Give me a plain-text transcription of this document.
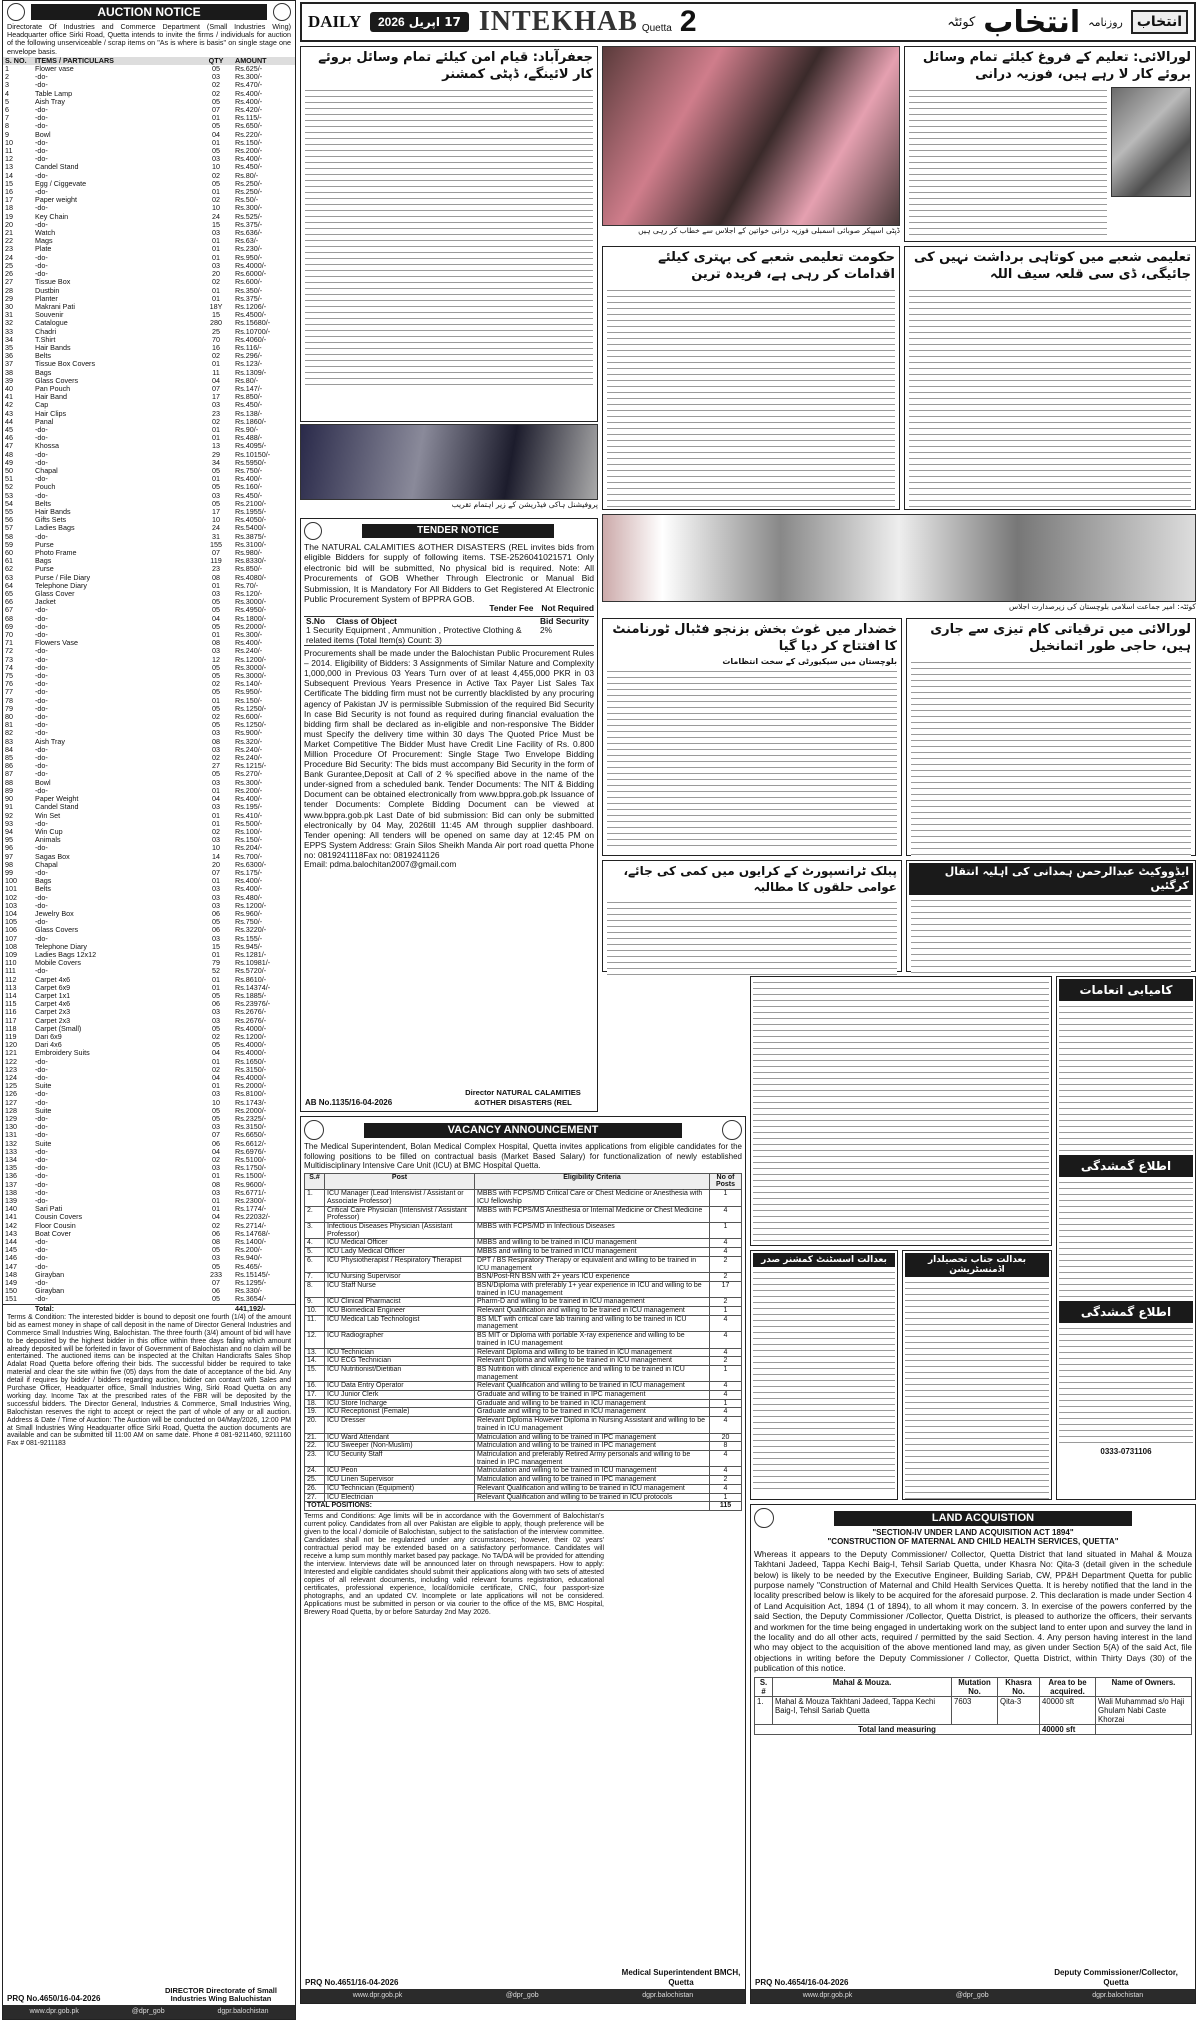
AUCTION NOTICE
Directorate Of Industries and Commerce Department (Small Industries Wing) Headquarter office Sirki Road, Quetta intends to invite the firms / individuals for auction of the following unserviceable / scrap items on "As is where is basis" on single stage one envelope basis.
S. NO.	ITEMS / PARTICULARS	QTY	AMOUNT
1	Flower vase	05	Rs.625/-
2	-do-	03	Rs.300/-
3	-do-	02	Rs.470/-
4	Table Lamp	02	Rs.400/-
5	Aish Tray	05	Rs.400/-
6	-do-	07	Rs.420/-
7	-do-	01	Rs.115/-
8	-do-	05	Rs.650/-
9	Bowl	04	Rs.220/-
10	-do-	01	Rs.150/-
11	-do-	05	Rs.200/-
12	-do-	03	Rs.400/-
13	Candel Stand	10	Rs.450/-
14	-do-	02	Rs.80/-
15	Egg / Ciggevate	05	Rs.250/-
16	-do-	01	Rs.250/-
17	Paper weight	02	Rs.50/-
18	-do-	10	Rs.300/-
19	Key Chain	24	Rs.525/-
20	-do-	15	Rs.375/-
21	Watch	03	Rs.636/-
22	Mags	01	Rs.63/-
23	Plate	01	Rs.230/-
24	-do-	01	Rs.950/-
25	-do-	03	Rs.4000/-
26	-do-	20	Rs.6000/-
27	Tissue Box	02	Rs.600/-
28	Dustbin	01	Rs.350/-
29	Planter	01	Rs.375/-
30	Makrani Pati	18Y	Rs.1206/-
31	Souvenir	15	Rs.4500/-
32	Catalogue	280	Rs.15680/-
33	Chadri	25	Rs.10700/-
34	T.Shirt	70	Rs.4060/-
35	Hair Bands	16	Rs.116/-
36	Belts	02	Rs.296/-
37	Tissue Box Covers	01	Rs.123/-
38	Bags	11	Rs.1309/-
39	Glass Covers	04	Rs.80/-
40	Pan Pouch	07	Rs.147/-
41	Hair Band	17	Rs.850/-
42	Cap	03	Rs.450/-
43	Hair Clips	23	Rs.138/-
44	Panal	02	Rs.1860/-
45	-do-	01	Rs.90/-
46	-do-	01	Rs.488/-
47	Khossa	13	Rs.4095/-
48	-do-	29	Rs.10150/-
49	-do-	34	Rs.5950/-
50	Chapal	05	Rs.750/-
51	-do-	01	Rs.400/-
52	Pouch	05	Rs.160/-
53	-do-	03	Rs.450/-
54	Belts	05	Rs.2100/-
55	Hair Bands	17	Rs.1955/-
56	Gifts Sets	10	Rs.4050/-
57	Ladies Bags	24	Rs.5400/-
58	-do-	31	Rs.3875/-
59	Purse	155	Rs.3100/-
60	Photo Frame	07	Rs.980/-
61	Bags	119	Rs.8330/-
62	Purse	23	Rs.850/-
63	Purse / File Diary	08	Rs.4080/-
64	Telephone Diary	01	Rs.70/-
65	Glass Cover	03	Rs.120/-
66	Jacket	05	Rs.3000/-
67	-do-	05	Rs.4950/-
68	-do-	04	Rs.1800/-
69	-do-	05	Rs.2000/-
70	-do-	01	Rs.300/-
71	Flowers Vase	08	Rs.400/-
72	-do-	03	Rs.240/-
73	-do-	12	Rs.1200/-
74	-do-	05	Rs.3000/-
75	-do-	05	Rs.3000/-
76	-do-	02	Rs.140/-
77	-do-	05	Rs.950/-
78	-do-	01	Rs.150/-
79	-do-	05	Rs.1250/-
80	-do-	02	Rs.600/-
81	-do-	05	Rs.1250/-
82	-do-	03	Rs.900/-
83	Aish Tray	08	Rs.320/-
84	-do-	03	Rs.240/-
85	-do-	02	Rs.240/-
86	-do-	27	Rs.1215/-
87	-do-	05	Rs.270/-
88	Bowl	03	Rs.300/-
89	-do-	01	Rs.200/-
90	Paper Weight	04	Rs.400/-
91	Candel Stand	03	Rs.195/-
92	Win Set	01	Rs.410/-
93	-do-	01	Rs.500/-
94	Win Cup	02	Rs.100/-
95	Animals	03	Rs.150/-
96	-do-	10	Rs.204/-
97	Sagas Box	14	Rs.700/-
98	Chapal	20	Rs.6300/-
99	-do-	07	Rs.175/-
100	Bags	01	Rs.400/-
101	Belts	03	Rs.400/-
102	-do-	03	Rs.480/-
103	-do-	03	Rs.1200/-
104	Jewelry Box	06	Rs.960/-
105	-do-	05	Rs.750/-
106	Glass Covers	06	Rs.3220/-
107	-do-	03	Rs.155/-
108	Telephone Diary	15	Rs.945/-
109	Ladies Bags 12x12	01	Rs.1281/-
110	Mobile Covers	79	Rs.10981/-
111	-do-	52	Rs.5720/-
112	Carpet 4x6	01	Rs.8610/-
113	Carpet 6x9	01	Rs.14374/-
114	Carpet 1x1	05	Rs.1885/-
115	Carpet 4x6	06	Rs.23976/-
116	Carpet 2x3	03	Rs.2676/-
117	Carpet 2x3	03	Rs.2676/-
118	Carpet (Small)	05	Rs.4000/-
119	Dari 6x9	02	Rs.1200/-
120	Dari 4x6	05	Rs.4000/-
121	Embroidery Suits	04	Rs.4000/-
122	-do-	01	Rs.1650/-
123	-do-	02	Rs.3150/-
124	-do-	04	Rs.4000/-
125	Suite	01	Rs.2000/-
126	-do-	03	Rs.8100/-
127	-do-	10	Rs.1743/-
128	Suite	05	Rs.2000/-
129	-do-	05	Rs.2325/-
130	-do-	03	Rs.3150/-
131	-do-	07	Rs.6650/-
132	Suite	06	Rs.6612/-
133	-do-	04	Rs.6976/-
134	-do-	02	Rs.5100/-
135	-do-	03	Rs.1750/-
136	-do-	01	Rs.1500/-
137	-do-	08	Rs.9600/-
138	-do-	03	Rs.6771/-
139	-do-	01	Rs.2300/-
140	Sari Pati	01	Rs.1774/-
141	Cousin Covers	04	Rs.22032/-
142	Floor Cousin	02	Rs.2714/-
143	Boat Cover	06	Rs.14768/-
144	-do-	08	Rs.1400/-
145	-do-	05	Rs.200/-
146	-do-	03	Rs.940/-
147	-do-	05	Rs.465/-
148	Girayban	233	Rs.15145/-
149	-do-	07	Rs.1295/-
150	Girayban	06	Rs.330/-
151	-do-	05	Rs.3654/-
	Total:		441,192/-
Terms & Condition: The interested bidder is bound to deposit one fourth (1/4) of the amount bid as earnest money in shape of call deposit in the name of Director General Industries and Commerce Small Industries Wing, Balochistan. The three fourth (3/4) amount of bid will have to be deposited by the highest bidder in this office within three days failing which amount already deposited will be forfeited in favor of Government of Balochistan and no claim will be entertained. The auctioned items can be inspected at the Chiltan Handicrafts Sales Shop Adalat Road Quetta before offering their bids. The successful bidder be required to take material and clear the site within five (05) days from the date of acceptance of the bid. Any detail if requires by bidder / bidders regarding auction, bidder can contact with Sales and Purchase Officer, Headquarter office, Small Industries Wing, Sirki Road Quetta on any working day. Income Tax at the prescribed rates of the FBR will be deposited by the successful bidders. The Director General, Industries & Commerce, Small Industries Wing, Balochistan reserves the right to accept or reject the part of whole of any or all auction. Address & Date / Time of Auction: The Auction will be conducted on 04/May/2026, 12:00 PM at Small Industries Wing Headquarter office Sirki Road, Quetta the auction documents are available and can be submitted till 11:00 AM on same date. Phone # 081-9211460, 9211160 Fax # 081-9211183
PRQ No.4650/16-04-2026
DIRECTOR Directorate of Small Industries Wing Baluchistan
www.dpr.gob.pk	@dpr_gob	dgpr.balochistan
DAILY	2026 17 اپریل INTEKHAB Quetta 2	کوئٹہ انتخاب روزنامہ	انتخاب
جعفرآباد: قیام امن کیلئے تمام وسائل بروئے کار لائینگے، ڈپٹی کمشنر
ڈپٹی اسپیکر صوبائی اسمبلی فوزیہ درانی خواتین کے اجلاس سے خطاب کر رہی ہیں
لورالائی: تعلیم کے فروغ کیلئے تمام وسائل بروئے کار لا رہے ہیں، فوزیہ درانی
حکومت تعلیمی شعبے کی بہتری کیلئے اقدامات کر رہی ہے، فریدہ ترین
تعلیمی شعبے میں کوتاہی برداشت نہیں کی جائیگی، ڈی سی قلعہ سیف اللہ
پروفیشنل ہاکی فیڈریشن کے زیر اہتمام تقریب
کوئٹہ: امیر جماعت اسلامی بلوچستان کی زیرصدارت اجلاس
خضدار میں غوث بخش بزنجو فٹبال ٹورنامنٹ کا افتتاح کر دیا گیا
بلوچستان میں سیکیورٹی کے سخت انتظامات
لورالائی میں ترقیاتی کام تیزی سے جاری ہیں، حاجی طور اتمانخیل
پبلک ٹرانسپورٹ کے کرایوں میں کمی کی جائے، عوامی حلقوں کا مطالبہ
ایڈووکیٹ عبدالرحمن ہمدانی کی اہلیہ انتقال کرگئیں
TENDER NOTICE
The NATURAL CALAMITIES &OTHER DISASTERS (REL invites bids from eligible Bidders for supply of following items. TSE-2526041021571 Only electronic bid will be submitted, No physical bid is required. Note: All Procurements of GOB Whether Through Electronic or Manual Bid Submission, It is Mandatory For All Bidders to Get Registered At Electronic Public Procurement System of BPPRA GOB.
Tender Fee Not Required
S.No	Class of Object	Bid Security
1 Security Equipment , Ammunition , Protective Clothing & related items (Total Item(s) Count: 3)		2%
Procurements shall be made under the Balochistan Public Procurement Rules – 2014. Eligibility of Bidders: 3 Assignments of Similar Nature and Complexity 1,000,000 in Previous 03 Years Turn over of at least 4,455,000 PKR in 03 Subsequent Previous Years Presence in Active Tax Payer List Sales Tax Certificate The bidding firm must not be currently blacklisted by any procuring agency of Pakistan JV is permissible Submission of the required Bid Security In case Bid Security is not found as required during financial evaluation the bidding firm shall be declared as in-eligible and non-responsive The Bidder must Specify the delivery time within 30 days The Quoted Price Must be Market Competitive The Bidder Must have Credit Line Facility of Rs. 0.800 Million Procedure Of Procurement: Single Stage Two Envelope Bidding Procedure Bid Security: The bids must accompany Bid Security in the form of Bank Gurantee,Deposit at Call of 2 % specified above in the name of the under-signed from a scheduled bank. Tender Documents: The NIT & Bidding Document can be obtained electronically from www.bppra.gob.pk Issuance of tender Documents: Complete Bidding Document can be viewed at www.bppra.gob.pk Last Date of bid submission: Bid can only be submitted electronically by 04 May, 2026till 11:45 AM through supplier dashboard. Tender opening: All tenders will be opened on same day at 12:45 PM on EPPS System Address: Grain Silos Sheikh Manda Air port road quetta Phone no: 0819241118Fax no: 0819241126
Email: pdma.balochitan2007@gmail.com
AB No.1135/16-04-2026
Director NATURAL CALAMITIES &OTHER DISASTERS (REL
VACANCY ANNOUNCEMENT
The Medical Superintendent, Bolan Medical Complex Hospital, Quetta invites applications from eligible candidates for the following positions to be filled on contractual basis (Market Based Salary) for functionalization of newly established Multidisciplinary Intensive Care Unit (ICU) at BMC Hospital Quetta.
S.#	Post	Eligibility Criteria	No of Posts
1.	ICU Manager (Lead Intensivist / Assistant or Associate Professor)	MBBS with FCPS/MD Critical Care or Chest Medicine or Anesthesia with ICU fellowship	1
2.	Critical Care Physician (Intensivist / Assistant Professor)	MBBS with FCPS/MS Anesthesia or Internal Medicine or Chest Medicine	4
3.	Infectious Diseases Physician (Assistant Professor)	MBBS with FCPS/MD in Infectious Diseases	1
4.	ICU Medical Officer	MBBS and willing to be trained in ICU management	4
5.	ICU Lady Medical Officer	MBBS and willing to be trained in ICU management	4
6.	ICU Physiotherapist / Respiratory Therapist	DPT / BS Respiratory Therapy or equivalent and willing to be trained in ICU management	2
7.	ICU Nursing Supervisor	BSN/Post-RN BSN with 2+ years ICU experience	2
8.	ICU Staff Nurse	BSN/Diploma with preferably 1+ year experience in ICU and willing to be trained in ICU management	17
9.	ICU Clinical Pharmacist	Pharm-D and willing to be trained in ICU management	2
10.	ICU Biomedical Engineer	Relevant Qualification and willing to be trained in ICU management	1
11.	ICU Medical Lab Technologist	BS MLT with critical care lab training and willing to be trained in ICU management	4
12.	ICU Radiographer	BS MIT or Diploma with portable X-ray experience and willing to be trained in ICU management	4
13.	ICU Technician	Relevant Diploma and willing to be trained in ICU management	4
14.	ICU ECG Technician	Relevant Diploma and willing to be trained in ICU management	2
15.	ICU Nutritionist/Dietitian	BS Nutrition with clinical experience and willing to be trained in ICU management	1
16.	ICU Data Entry Operator	Relevant Qualification and willing to be trained in ICU management	4
17.	ICU Junior Clerk	Graduate and willing to be trained in IPC management	4
18.	ICU Store Incharge	Graduate and willing to be trained in ICU management	1
19.	ICU Receptionist (Female)	Graduate and willing to be trained in ICU management	4
20.	ICU Dresser	Relevant Diploma However Diploma in Nursing Assistant and willing to be trained in ICU management	4
21.	ICU Ward Attendant	Matriculation and willing to be trained in IPC management	20
22.	ICU Sweeper (Non-Muslim)	Matriculation and willing to be trained in IPC management	8
23.	ICU Security Staff	Matriculation and preferably Retired Army personals and willing to be trained in IPC management	4
24.	ICU Peon	Matriculation and willing to be trained in ICU management	4
25.	ICU Linen Supervisor	Matriculation and willing to be trained in IPC management	2
26.	ICU Technician (Equipment)	Relevant Qualification and willing to be trained in ICU management	4
27.	ICU Electrician	Relevant Qualification and willing to be trained in ICU protocols	1
TOTAL POSITIONS:			115
Terms and Conditions: Age limits will be in accordance with the Government of Balochistan's current policy. Candidates from all over Pakistan are eligible to apply, though preference will be given to the local / domicile of Balochistan, subject to the satisfaction of the interview committee. Candidates shall not be regularized under any circumstances; however, their 02 years' contractual period may be extended based on a satisfactory performance. Candidates will receive a lump sum monthly market based pay package. No TA/DA will be provided for attending the interview. Interviews date will be announced later on through newspapers. How to apply: Interested and eligible candidates should submit their applications along with two sets of attested copies of all relevant documents, including valid relevant forums registration, educational certificates, professional experience, local/domicile certificate, CNIC, four passport-size photographs, and an updated CV. Incomplete or late applications will not be considered. Applications must be submitted in person or via courier to the office of the MS, BMC Hospital, Brewery Road Quetta, by or before Saturday 2nd May 2026.
PRQ No.4651/16-04-2026
Medical Superintendent BMCH, Quetta
www.dpr.gob.pk	@dpr_gob	dgpr.balochistan
بعدالت اسسٹنٹ کمشنر صدر	بعدالت جناب تحصیلدار اڈمنسٹریشن
کامیابی انعامات
اطلاع گمشدگی
اطلاع گمشدگی
0333-0731106
LAND ACQUISTION
"SECTION-IV UNDER LAND ACQUISITION ACT 1894"
"CONSTRUCTION OF MATERNAL AND CHILD HEALTH SERVICES, QUETTA"
Whereas it appears to the Deputy Commissioner/ Collector, Quetta District that land situated in Mahal & Mouza Takhtani Jadeed, Tappa Kechi Baig-I, Tehsil Sariab Quetta, under Khasra No: Qita-3 (detail given in the schedule below) is likely to be needed by the Executive Engineer, Building Sariab, CW, PP&H Department Quetta for public purpose namely "Construction of Maternal and Child Health Services Quetta. It is hereby notified that the land in the locality prescribed below is likely to be acquired for the aforesaid purpose. 2. This declaration is made under Section 4 of Land Acquisition Act, 1894 (1 of 1894), to all whom it may concern. 3. In exercise of the powers conferred by the said Section, the Deputy Commissioner /Collector, Quetta District, is pleased to authorize the officers, their servants and workmen for the time being engaged in undertaking work on the subject land to enter upon and survey the land in the locality and do all other acts, required / permitted by the said Section. 4. Any person having interest in the land who may object to the acquisition of the above mentioned land may, as given under Section 5(A) of the said Act, file objections in writing before the Deputy Commissioner / Collector, Quetta District, within Thirty Days (30) of the publication of this notice.
S. #	Mahal & Mouza.	Mutation No.	Khasra No.	Area to be acquired.	Name of Owners.
1.	Mahal & Mouza Takhtani Jadeed, Tappa Kechi Baig-I, Tehsil Sariab Quetta	7603	Qita-3	40000 sft	Wali Muhammad s/o Haji Ghulam Nabi Caste Khorzai
Total land measuring				40000 sft	
PRQ No.4654/16-04-2026
Deputy Commissioner/Collector, Quetta
www.dpr.gob.pk	@dpr_gob	dgpr.balochistan
